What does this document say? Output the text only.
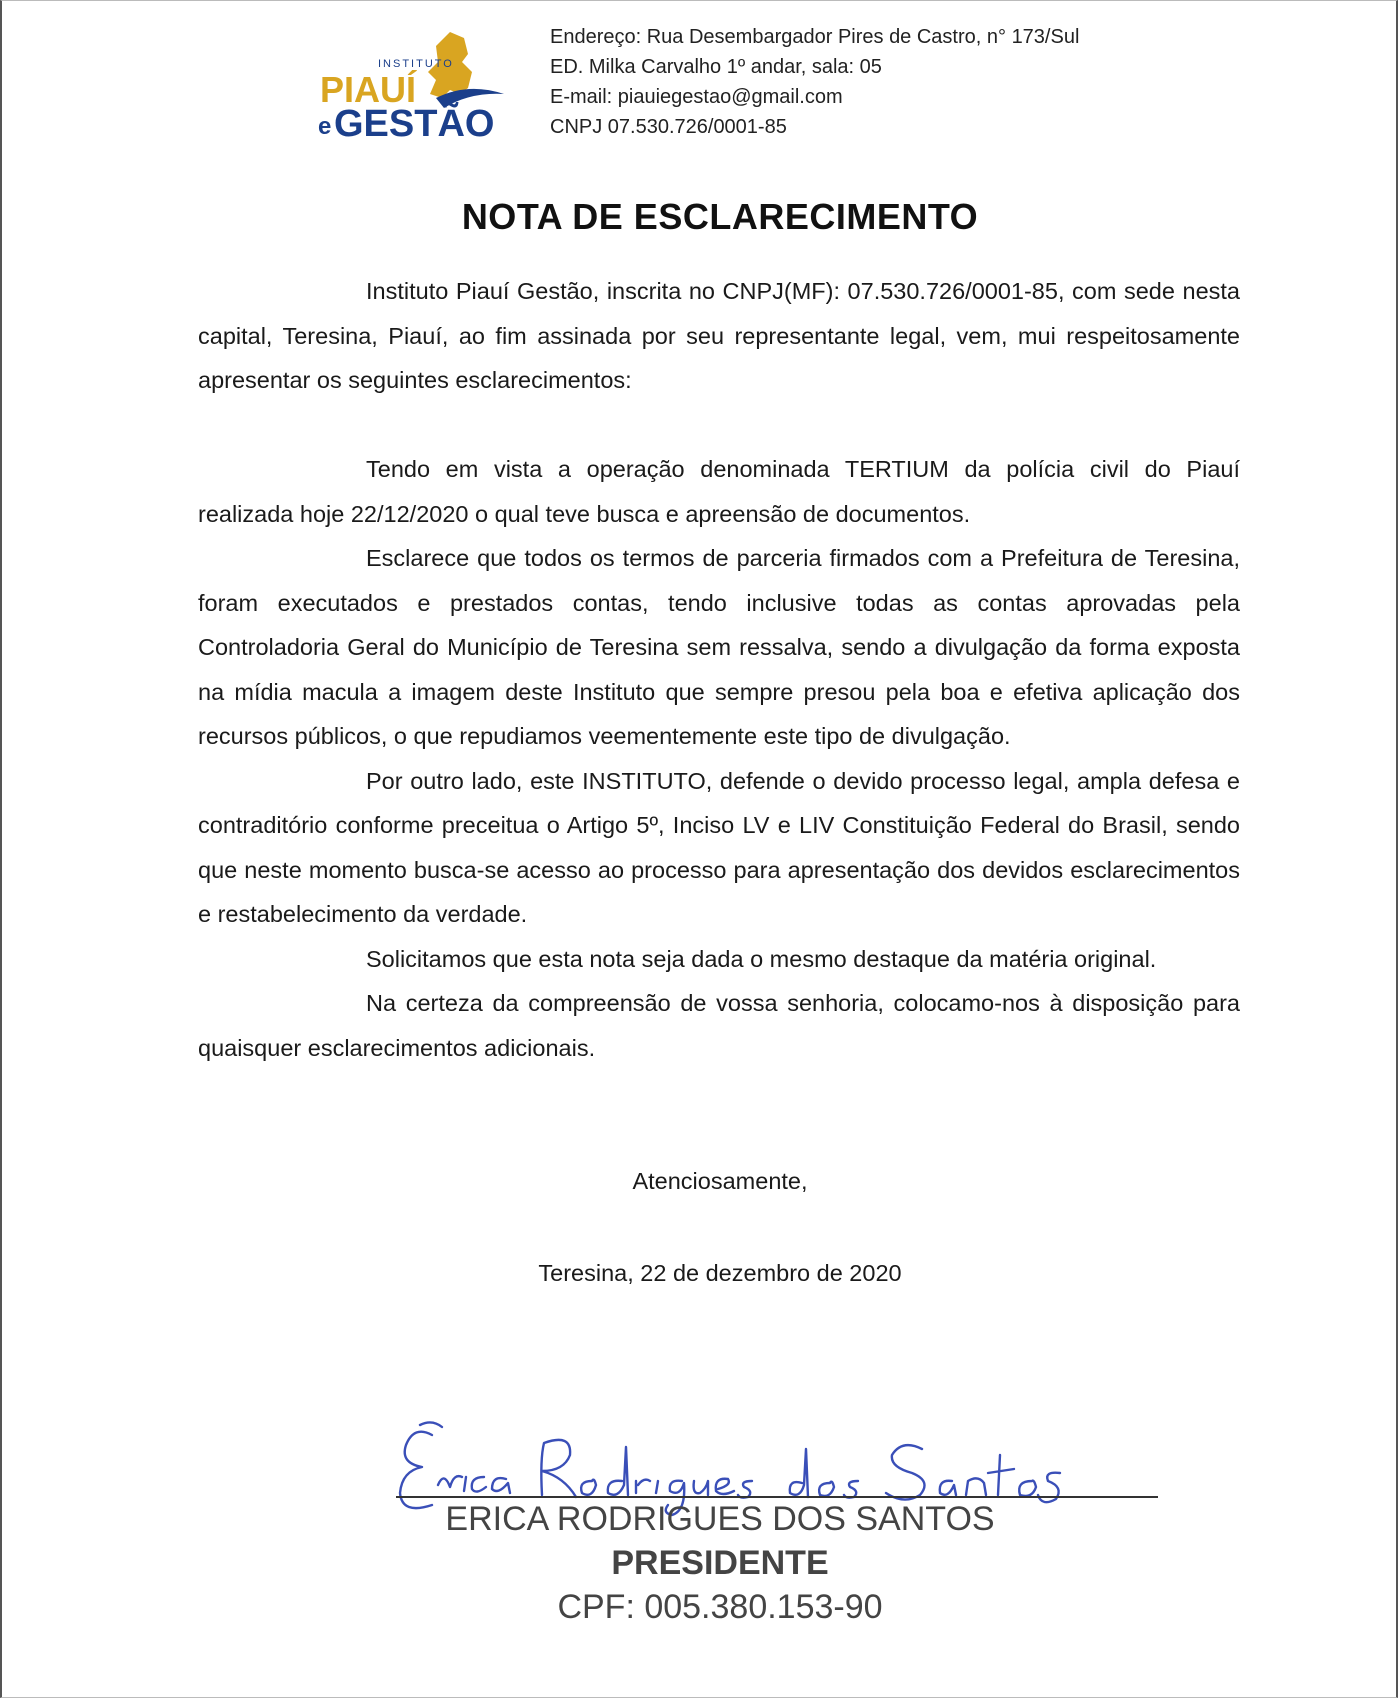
INSTITUTO
PIAUÍ
e GESTÃO
Endereço: Rua Desembargador Pires de Castro, n° 173/Sul
ED. Milka Carvalho 1º andar, sala: 05
E-mail: piauiegestao@gmail.com
CNPJ 07.530.726/0001-85
NOTA DE ESCLARECIMENTO

Instituto Piauí Gestão, inscrita no CNPJ(MF): 07.530.726/0001-85, com sede nesta capital, Teresina, Piauí, ao fim assinada por seu representante legal, vem, mui respeitosamente apresentar os seguintes esclarecimentos:

Tendo em vista a operação denominada TERTIUM da polícia civil do Piauí realizada hoje 22/12/2020 o qual teve busca e apreensão de documentos.

Esclarece que todos os termos de parceria firmados com a Prefeitura de Teresina, foram executados e prestados contas, tendo inclusive todas as contas aprovadas pela Controladoria Geral do Município de Teresina sem ressalva, sendo a divulgação da forma exposta na mídia macula a imagem deste Instituto que sempre presou pela boa e efetiva aplicação dos recursos públicos, o que repudiamos veementemente este tipo de divulgação.

Por outro lado, este INSTITUTO, defende o devido processo legal, ampla defesa e contraditório conforme preceitua o Artigo 5º, Inciso LV e LIV Constituição Federal do Brasil, sendo que neste momento busca-se acesso ao processo para apresentação dos devidos esclarecimentos e restabelecimento da verdade.

Solicitamos que esta nota seja dada o mesmo destaque da matéria original.

Na certeza da compreensão de vossa senhoria, colocamo-nos à disposição para quaisquer esclarecimentos adicionais.

Atenciosamente,
Teresina, 22 de dezembro de 2020
ERICA RODRIGUES DOS SANTOS
PRESIDENTE
CPF: 005.380.153-90
